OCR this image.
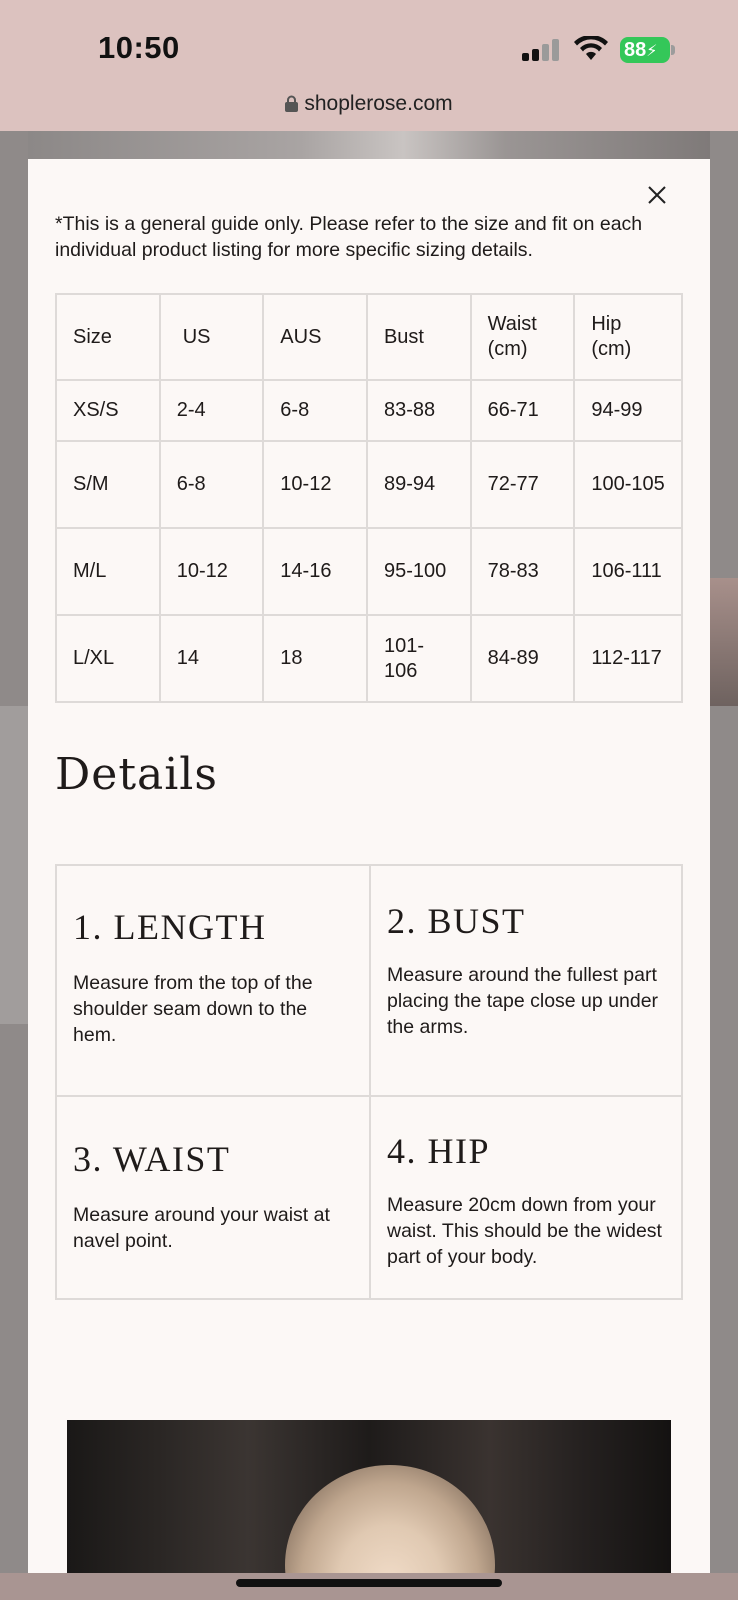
10:50	88⚡
shoplerose.com
*This is a general guide only. Please refer to the size and fit on each individual product listing for more specific sizing details.
Size	US	AUS	Bust	Waist (cm)	Hip (cm)
XS/S	2-4	6-8	83-88	66-71	94-99
S/M	6-8	10-12	89-94	72-77	100-105
M/L	10-12	14-16	95-100	78-83	106-111
L/XL	14	18	101-106	84-89	112-117
Details
1. LENGTH

Measure from the top of the shoulder seam down to the hem.

2. BUST

Measure around the fullest part placing the tape close up under the arms.

3. WAIST

Measure around your waist at navel point.

4. HIP

Measure 20cm down from your waist. This should be the widest part of your body.
